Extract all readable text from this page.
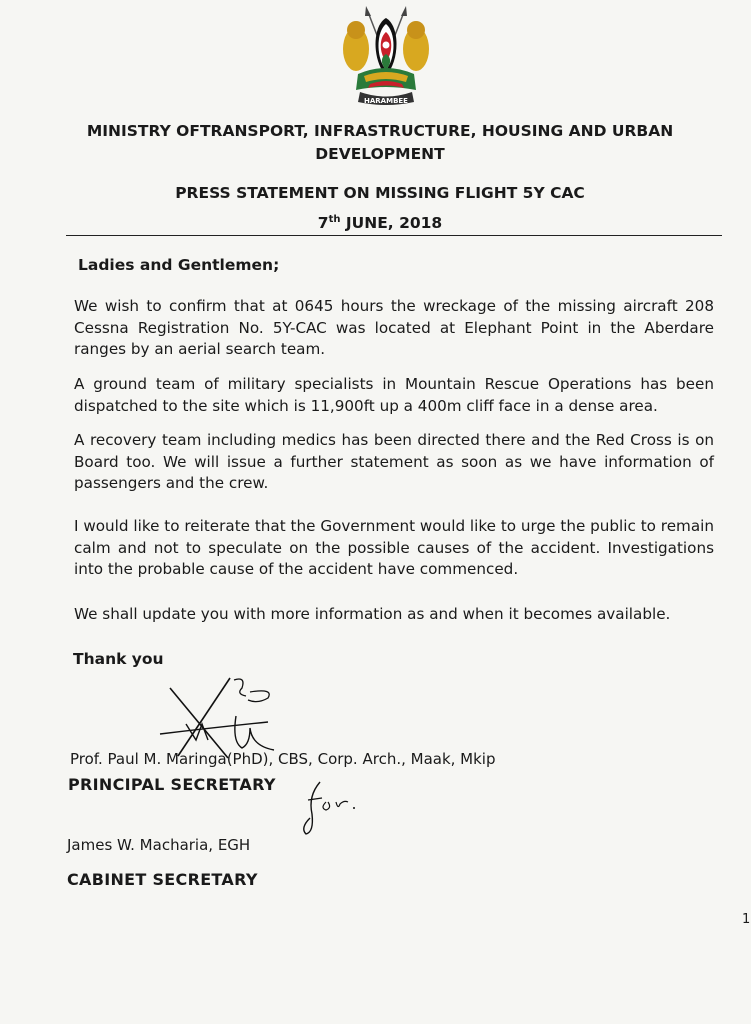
HARAMBEE
MINISTRY OFTRANSPORT, INFRASTRUCTURE, HOUSING AND URBAN
DEVELOPMENT
PRESS STATEMENT ON MISSING FLIGHT 5Y CAC
7th JUNE, 2018
Ladies and Gentlemen;

We wish to confirm that at 0645 hours the wreckage of the missing aircraft 208 Cessna Registration No. 5Y-CAC was located at Elephant Point in the Aberdare ranges by an aerial search team.

A ground team of military specialists in Mountain Rescue Operations has been dispatched to the site which is 11,900ft up a 400m cliff face in a dense area.

A recovery team including medics has been directed there and the Red Cross is on Board too. We will issue a further statement as soon as we have information of passengers and the crew.

I would like to reiterate that the Government would like to urge the public to remain calm and not to speculate on the possible causes of the accident. Investigations into the probable cause of the accident have commenced.

We shall update you with more information as and when it becomes available.

Thank you
Prof. Paul M. Maringa(PhD), CBS, Corp. Arch., Maak, Mkip
PRINCIPAL SECRETARY
James W. Macharia, EGH
CABINET SECRETARY
1
